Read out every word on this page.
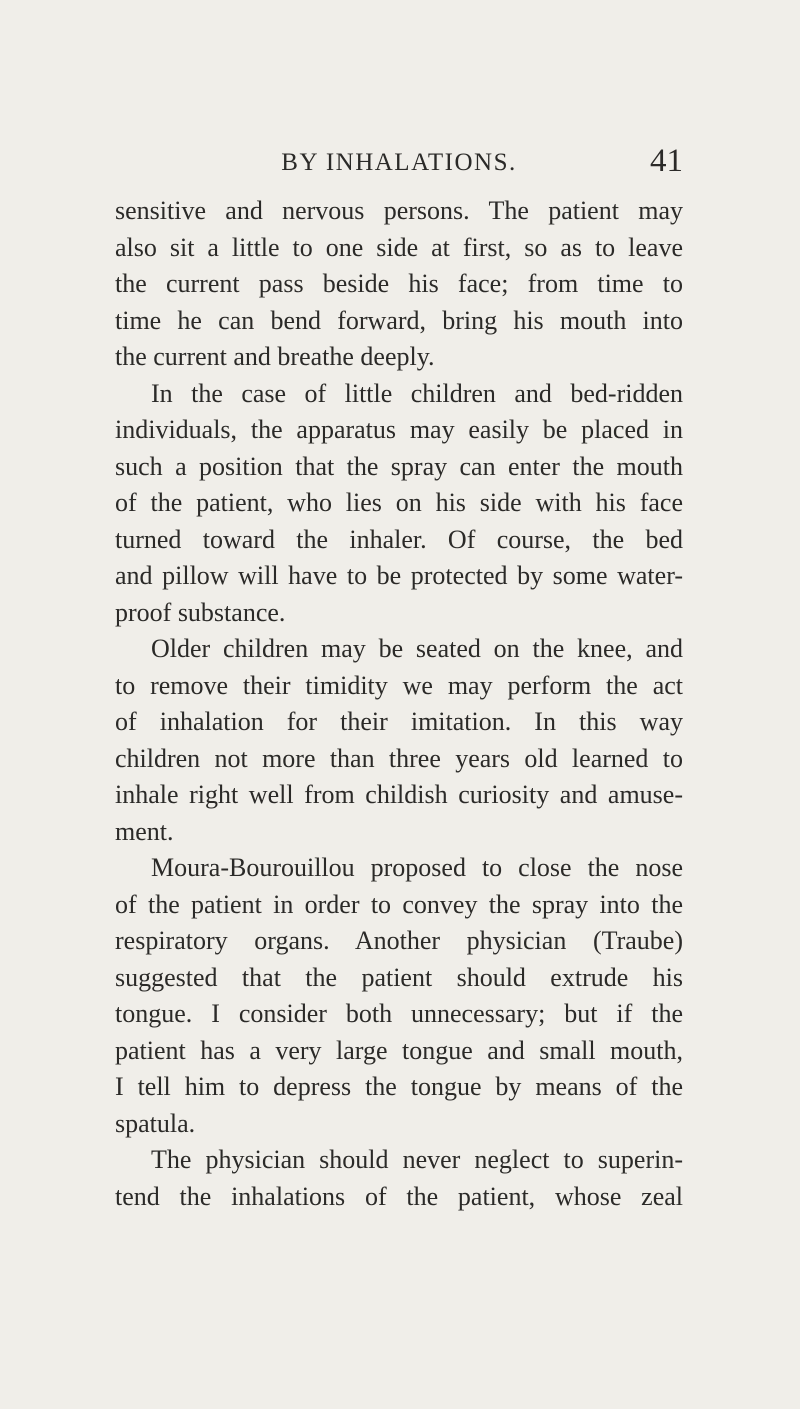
BY INHALATIONS.	41
sensitive and nervous persons. The patient may
also sit a little to one side at first, so as to leave
the current pass beside his face; from time to
time he can bend forward, bring his mouth into
the current and breathe deeply.
In the case of little children and bed-ridden
individuals, the apparatus may easily be placed in
such a position that the spray can enter the mouth
of the patient, who lies on his side with his face
turned toward the inhaler. Of course, the bed
and pillow will have to be protected by some water-
proof substance.
Older children may be seated on the knee, and
to remove their timidity we may perform the act
of inhalation for their imitation. In this way
children not more than three years old learned to
inhale right well from childish curiosity and amuse-
ment.
Moura-Bourouillou proposed to close the nose
of the patient in order to convey the spray into the
respiratory organs. Another physician (Traube)
suggested that the patient should extrude his
tongue. I consider both unnecessary; but if the
patient has a very large tongue and small mouth,
I tell him to depress the tongue by means of the
spatula.
The physician should never neglect to superin-
tend the inhalations of the patient, whose zeal
